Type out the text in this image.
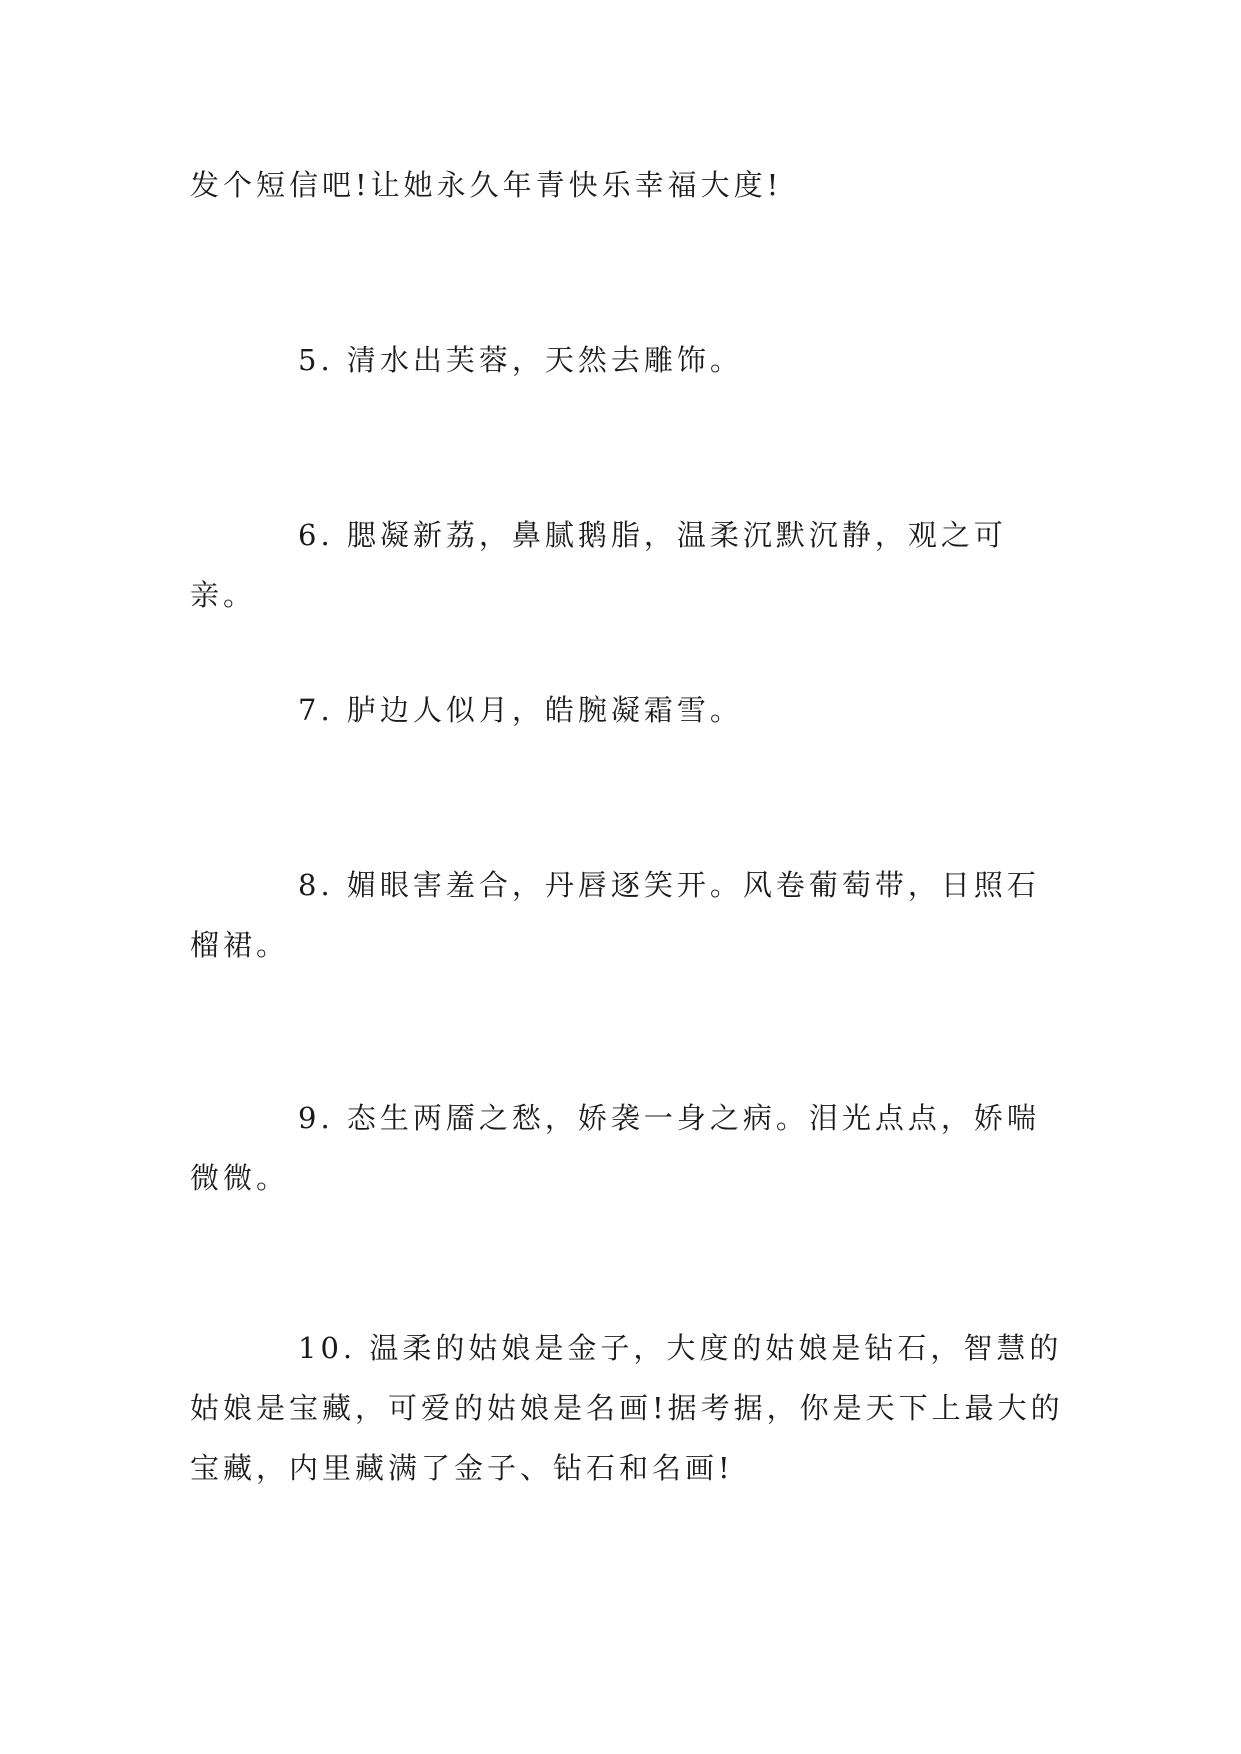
发个短信吧!让她永久年青快乐幸福大度!

5. 清水出芙蓉，天然去雕饰。

6. 腮凝新荔，鼻腻鹅脂，温柔沉默沉静，观之可亲。

7. 胪边人似月，皓腕凝霜雪。

8. 媚眼害羞合，丹唇逐笑开。风卷葡萄带，日照石榴裙。

9. 态生两靥之愁，娇袭一身之病。泪光点点，娇喘微微。

10. 温柔的姑娘是金子，大度的姑娘是钻石，智慧的姑娘是宝藏，可爱的姑娘是名画!据考据，你是天下上最大的宝藏，内里藏满了金子、钻石和名画!
